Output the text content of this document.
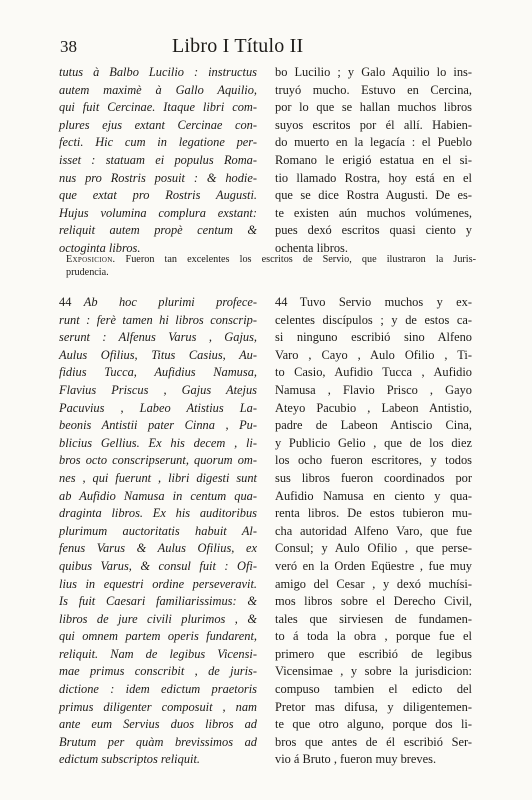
38	Libro I Título II
tutus à Balbo Lucilio : instructus
autem maximè à Gallo Aquilio,
qui fuit Cercinae. Itaque libri com-
plures ejus extant Cercinae con-
fecti. Hic cum in legatione per-
isset : statuam ei populus Roma-
nus pro Rostris posuit : & hodie-
que extat pro Rostris Augusti.
Hujus volumina complura exstant:
reliquit autem propè centum &
octoginta libros.
bo Lucilio ; y Galo Aquilio lo ins-
truyó mucho. Estuvo en Cercina,
por lo que se hallan muchos libros
suyos escritos por él allí. Habien-
do muerto en la legacía : el Pueblo
Romano le erigió estatua en el si-
tio llamado Rostra, hoy está en el
que se dice Rostra Augusti. De es-
te existen aún muchos volúmenes,
pues dexó escritos quasi ciento y
ochenta libros.
Exposicion. Fueron tan excelentes los escritos de Servio, que ilustraron la Juris-
prudencia.
44  Ab hoc plurimi profece-
runt : ferè tamen hi libros conscrip-
serunt : Alfenus Varus , Gajus,
Aulus Ofilius, Titus Casius, Au-
fidius Tucca, Aufidius Namusa,
Flavius Priscus , Gajus Atejus
Pacuvius , Labeo Atistius La-
beonis Antistii pater Cinna , Pu-
blicius Gellius. Ex his decem , li-
bros octo conscripserunt, quorum om-
nes , qui fuerunt , libri digesti sunt
ab Aufidio Namusa in centum qua-
draginta libros. Ex his auditoribus
plurimum auctoritatis habuit Al-
fenus Varus & Aulus Ofilius, ex
quibus Varus, & consul fuit : Ofi-
lius in equestri ordine perseveravit.
Is fuit Caesari familiarissimus: &
libros de jure civili plurimos , &
qui omnem partem operis fundarent,
reliquit. Nam de legibus Vicensi-
mae primus conscribit , de juris-
dictione : idem edictum praetoris
primus diligenter composuit , nam
ante eum Servius duos libros ad
Brutum per quàm brevissimos ad
edictum subscriptos reliquit.
44  Tuvo Servio muchos y ex-
celentes discípulos ; y de estos ca-
si ninguno escribió sino Alfeno
Varo , Cayo , Aulo Ofilio , Ti-
to Casio, Aufidio Tucca , Aufidio
Namusa , Flavio Prisco , Gayo
Ateyo Pacubio , Labeon Antistio,
padre de Labeon Antiscio Cina,
y Publicio Gelio , que de los diez
los ocho fueron escritores, y todos
sus libros fueron coordinados por
Aufidio Namusa en ciento y qua-
renta libros. De estos tubieron mu-
cha autoridad Alfeno Varo, que fue
Consul; y Aulo Ofilio , que perse-
veró en la Orden Eqüestre , fue muy
amigo del Cesar , y dexó muchísi-
mos libros sobre el Derecho Civil,
tales que sirviesen de fundamen-
to á toda la obra , porque fue el
primero que escribió de legibus
Vicensimae , y sobre la jurisdicion:
compuso tambien el edicto del
Pretor mas difusa, y diligentemen-
te que otro alguno, porque dos li-
bros que antes de él escribió Ser-
vio á Bruto , fueron muy breves.
